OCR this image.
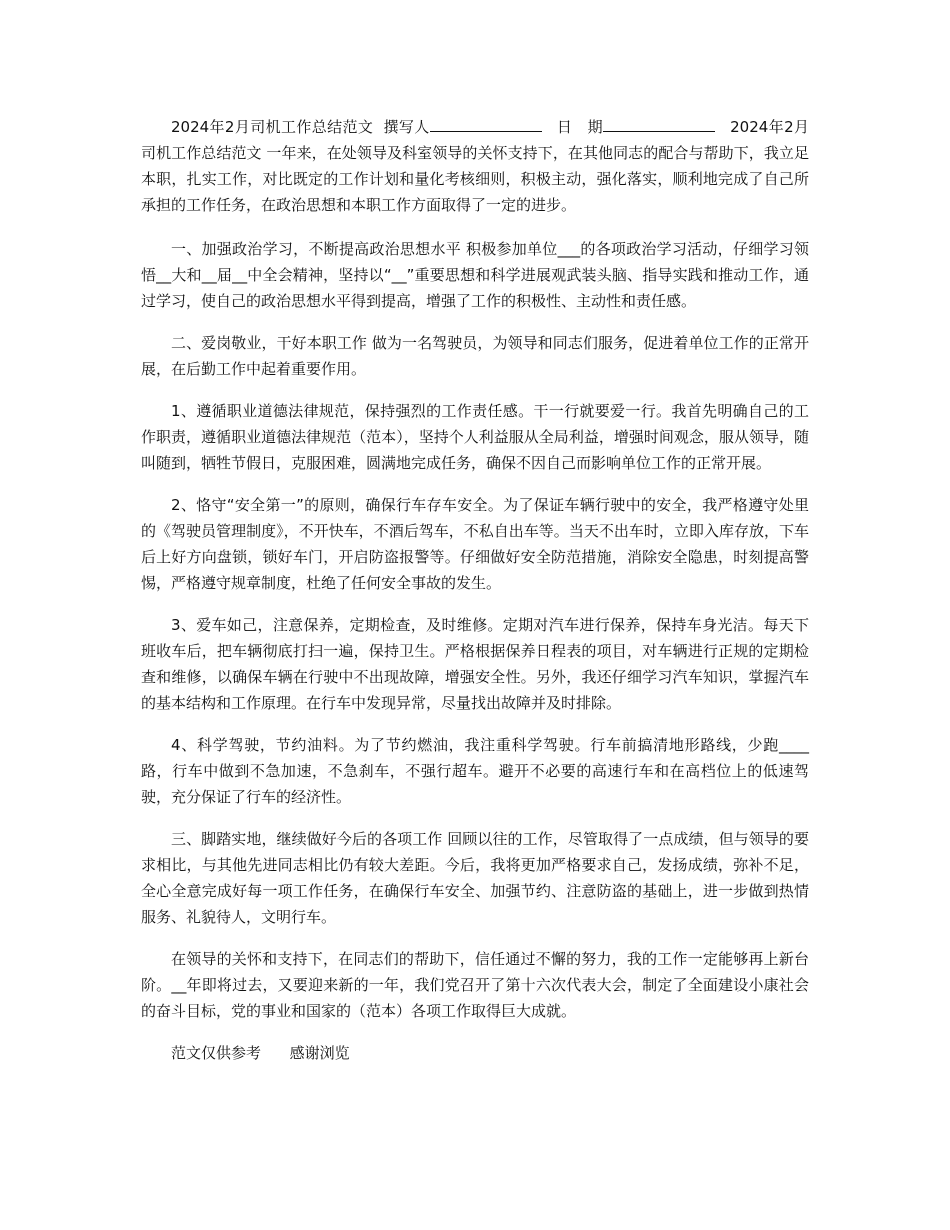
2024年2月司机工作总结范文 撰写人	日　期	2024年2月司机工作总结范文 一年来，在处领导及科室领导的关怀支持下，在其他同志的配合与帮助下，我立足本职，扎实工作，对比既定的工作计划和量化考核细则，积极主动，强化落实，顺利地完成了自己所承担的工作任务，在政治思想和本职工作方面取得了一定的进步。

一、加强政治学习，不断提高政治思想水平 积极参加单位___的各项政治学习活动，仔细学习领悟__大和__届__中全会精神，坚持以“__”重要思想和科学进展观武装头脑、指导实践和推动工作，通过学习，使自己的政治思想水平得到提高，增强了工作的积极性、主动性和责任感。

二、爱岗敬业，干好本职工作 做为一名驾驶员，为领导和同志们服务，促进着单位工作的正常开展，在后勤工作中起着重要作用。

1、遵循职业道德法律规范，保持强烈的工作责任感。干一行就要爱一行。我首先明确自己的工作职责，遵循职业道德法律规范（范本），坚持个人利益服从全局利益，增强时间观念，服从领导，随叫随到，牺牲节假日，克服困难，圆满地完成任务，确保不因自己而影响单位工作的正常开展。

2、恪守“安全第一”的原则，确保行车存车安全。为了保证车辆行驶中的安全，我严格遵守处里的《驾驶员管理制度》，不开快车，不酒后驾车，不私自出车等。当天不出车时，立即入库存放，下车后上好方向盘锁，锁好车门，开启防盗报警等。仔细做好安全防范措施，消除安全隐患，时刻提高警惕，严格遵守规章制度，杜绝了任何安全事故的发生。

3、爱车如己，注意保养，定期检查，及时维修。定期对汽车进行保养，保持车身光洁。每天下班收车后，把车辆彻底打扫一遍，保持卫生。严格根据保养日程表的项目，对车辆进行正规的定期检查和维修，以确保车辆在行驶中不出现故障，增强安全性。另外，我还仔细学习汽车知识，掌握汽车的基本结构和工作原理。在行车中发现异常，尽量找出故障并及时排除。

4、科学驾驶，节约油料。为了节约燃油，我注重科学驾驶。行车前搞清地形路线，少跑____路，行车中做到不急加速，不急刹车，不强行超车。避开不必要的高速行车和在高档位上的低速驾驶，充分保证了行车的经济性。

三、脚踏实地，继续做好今后的各项工作 回顾以往的工作，尽管取得了一点成绩，但与领导的要求相比，与其他先进同志相比仍有较大差距。今后，我将更加严格要求自己，发扬成绩，弥补不足，全心全意完成好每一项工作任务，在确保行车安全、加强节约、注意防盗的基础上，进一步做到热情服务、礼貌待人，文明行车。

在领导的关怀和支持下，在同志们的帮助下，信任通过不懈的努力，我的工作一定能够再上新台阶。__年即将过去，又要迎来新的一年，我们党召开了第十六次代表大会，制定了全面建设小康社会的奋斗目标，党的事业和国家的（范本）各项工作取得巨大成就。

范文仅供参考 感谢浏览
